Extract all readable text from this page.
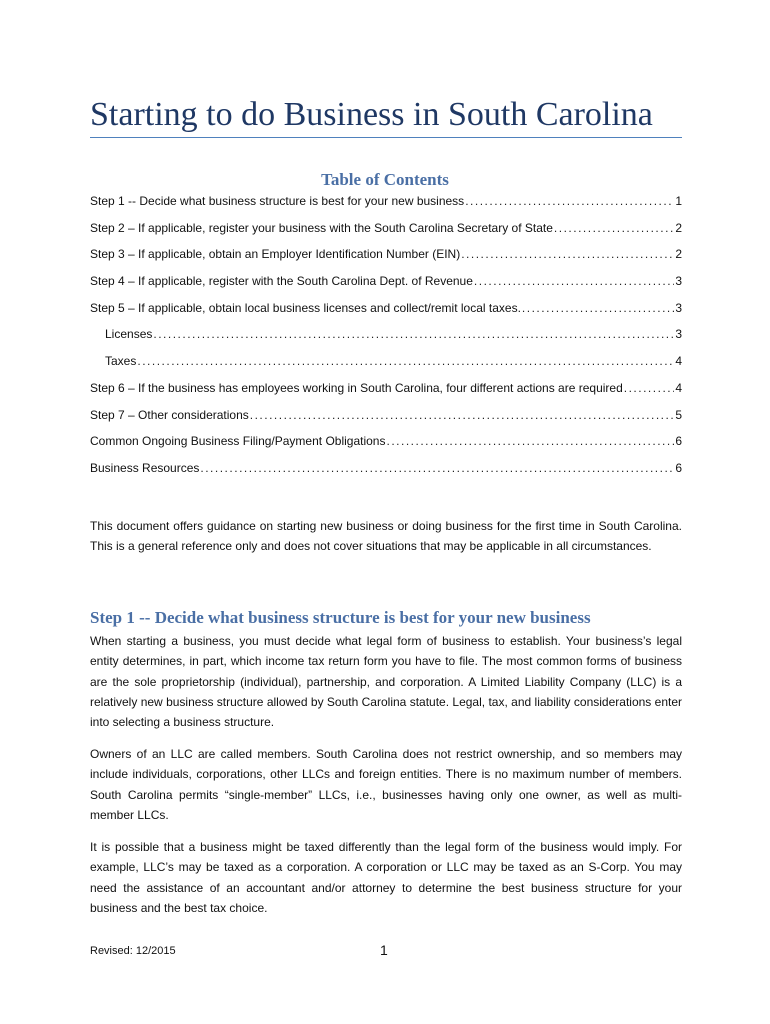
Starting to do Business in South Carolina
Table of Contents
Step 1 -- Decide what business structure is best for your new business .....	1
Step 2 – If applicable, register your business with the South Carolina Secretary of State .....	2
Step 3 – If applicable, obtain an Employer Identification Number (EIN) .....	2
Step 4 – If applicable, register with the South Carolina Dept. of Revenue .....	3
Step 5 – If applicable, obtain local business licenses and collect/remit local taxes. .....	3
Licenses .....	3
Taxes .....	4
Step 6 – If the business has employees working in South Carolina, four different actions are required .....	4
Step 7 – Other considerations .....	5
Common Ongoing Business Filing/Payment Obligations .....	6
Business Resources .....	6

This document offers guidance on starting new business or doing business for the first time in South Carolina. This is a general reference only and does not cover situations that may be applicable in all circumstances.

Step 1 -- Decide what business structure is best for your new business

When starting a business, you must decide what legal form of business to establish. Your business’s legal entity determines, in part, which income tax return form you have to file. The most common forms of business are the sole proprietorship (individual), partnership, and corporation. A Limited Liability Company (LLC) is a relatively new business structure allowed by South Carolina statute. Legal, tax, and liability considerations enter into selecting a business structure.

Owners of an LLC are called members. South Carolina does not restrict ownership, and so members may include individuals, corporations, other LLCs and foreign entities. There is no maximum number of members. South Carolina permits “single-member” LLCs, i.e., businesses having only one owner, as well as multi-member LLCs.

It is possible that a business might be taxed differently than the legal form of the business would imply. For example, LLC’s may be taxed as a corporation. A corporation or LLC may be taxed as an S-Corp. You may need the assistance of an accountant and/or attorney to determine the best business structure for your business and the best tax choice.

Revised: 12/2015	1
